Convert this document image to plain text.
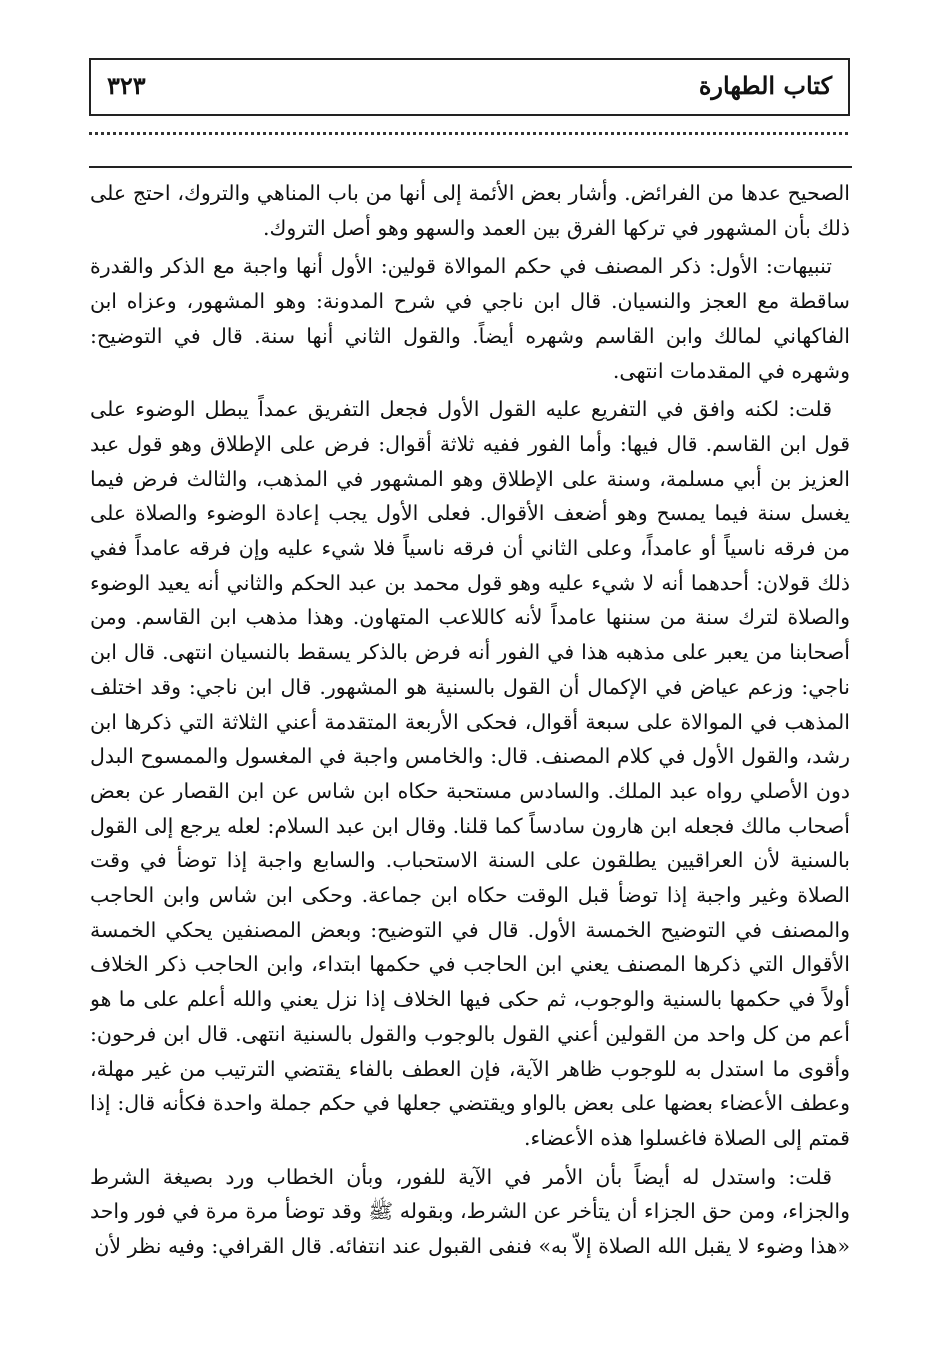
كتاب الطهارة
٣٢٣

الصحيح عدها من الفرائض. وأشار بعض الأئمة إلى أنها من باب المناهي والتروك، احتج على ذلك بأن المشهور في تركها الفرق بين العمد والسهو وهو أصل التروك.

تنبيهات: الأول: ذكر المصنف في حكم الموالاة قولين: الأول أنها واجبة مع الذكر والقدرة ساقطة مع العجز والنسيان. قال ابن ناجي في شرح المدونة: وهو المشهور، وعزاه ابن الفاكهاني لمالك وابن القاسم وشهره أيضاً. والقول الثاني أنها سنة. قال في التوضيح: وشهره في المقدمات انتهى.

قلت: لكنه وافق في التفريع عليه القول الأول فجعل التفريق عمداً يبطل الوضوء على قول ابن القاسم. قال فيها: وأما الفور ففيه ثلاثة أقوال: فرض على الإطلاق وهو قول عبد العزيز بن أبي مسلمة، وسنة على الإطلاق وهو المشهور في المذهب، والثالث فرض فيما يغسل سنة فيما يمسح وهو أضعف الأقوال. فعلى الأول يجب إعادة الوضوء والصلاة على من فرقه ناسياً أو عامداً، وعلى الثاني أن فرقه ناسياً فلا شيء عليه وإن فرقه عامداً ففي ذلك قولان: أحدهما أنه لا شيء عليه وهو قول محمد بن عبد الحكم والثاني أنه يعيد الوضوء والصلاة لترك سنة من سننها عامداً لأنه كاللاعب المتهاون. وهذا مذهب ابن القاسم. ومن أصحابنا من يعبر على مذهبه هذا في الفور أنه فرض بالذكر يسقط بالنسيان انتهى. قال ابن ناجي: وزعم عياض في الإكمال أن القول بالسنية هو المشهور. قال ابن ناجي: وقد اختلف المذهب في الموالاة على سبعة أقوال، فحكى الأربعة المتقدمة أعني الثلاثة التي ذكرها ابن رشد، والقول الأول في كلام المصنف. قال: والخامس واجبة في المغسول والممسوح البدل دون الأصلي رواه عبد الملك. والسادس مستحبة حكاه ابن شاس عن ابن القصار عن بعض أصحاب مالك فجعله ابن هارون سادساً كما قلنا. وقال ابن عبد السلام: لعله يرجع إلى القول بالسنية لأن العراقيين يطلقون على السنة الاستحباب. والسابع واجبة إذا توضأ في وقت الصلاة وغير واجبة إذا توضأ قبل الوقت حكاه ابن جماعة. وحكى ابن شاس وابن الحاجب والمصنف في التوضيح الخمسة الأول. قال في التوضيح: وبعض المصنفين يحكي الخمسة الأقوال التي ذكرها المصنف يعني ابن الحاجب في حكمها ابتداء، وابن الحاجب ذكر الخلاف أولاً في حكمها بالسنية والوجوب، ثم حكى فيها الخلاف إذا نزل يعني والله أعلم على ما هو أعم من كل واحد من القولين أعني القول بالوجوب والقول بالسنية انتهى. قال ابن فرحون: وأقوى ما استدل به للوجوب ظاهر الآية، فإن العطف بالفاء يقتضي الترتيب من غير مهلة، وعطف الأعضاء بعضها على بعض بالواو ويقتضي جعلها في حكم جملة واحدة فكأنه قال: إذا قمتم إلى الصلاة فاغسلوا هذه الأعضاء.

قلت: واستدل له أيضاً بأن الأمر في الآية للفور، وبأن الخطاب ورد بصيغة الشرط والجزاء، ومن حق الجزاء أن يتأخر عن الشرط، وبقوله ﷺ وقد توضأ مرة مرة في فور واحد «هذا وضوء لا يقبل الله الصلاة إلاّ به» فنفى القبول عند انتفائه. قال القرافي: وفيه نظر لأن
